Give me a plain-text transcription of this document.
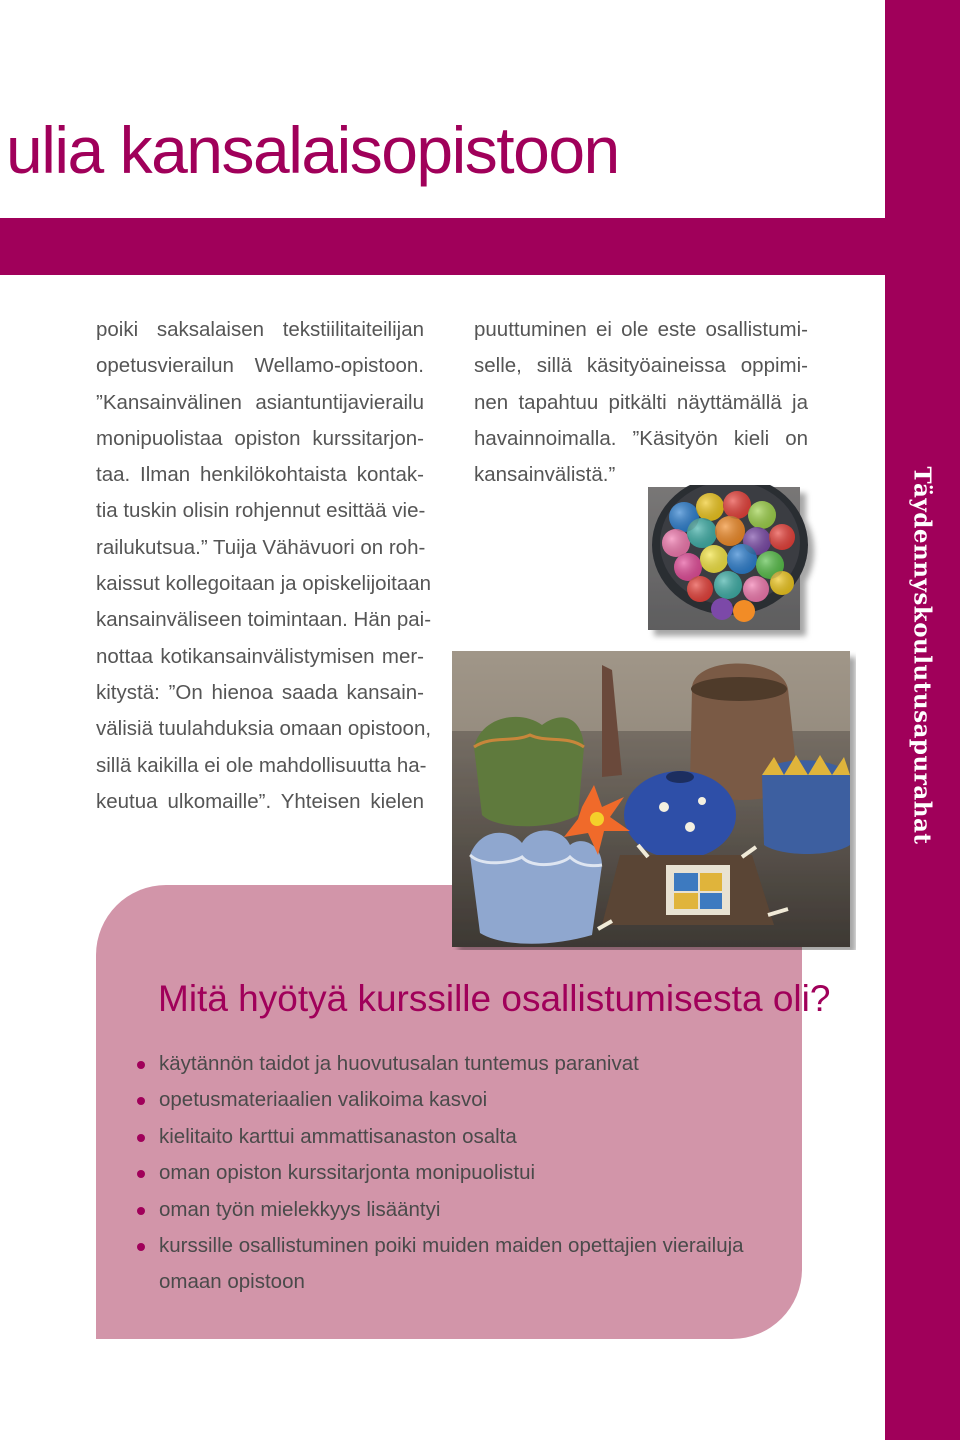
Täydennyskoulutusapurahat
ulia kansalaisopistoon
poiki saksalaisen tekstiilitaiteilijan
opetusvierailun Wellamo-opistoon.
”Kansainvälinen asiantuntijavierailu
monipuolistaa opiston kurssitarjon-
taa. Ilman henkilökohtaista kontak-
tia tuskin olisin rohjennut esittää vie-
railukutsua.” Tuija Vähävuori on roh-
kaissut kollegoitaan ja opiskelijoitaan
kansainväliseen toimintaan. Hän pai-
nottaa kotikansainvälistymisen mer-
kitystä: ”On hienoa saada kansain-
välisiä tuulahduksia omaan opistoon,
sillä kaikilla ei ole mahdollisuutta ha-
keutua ulkomaille”. Yhteisen kielen
puuttuminen ei ole este osallistumi-
selle, sillä käsityöaineissa oppimi-
nen tapahtuu pitkälti näyttämällä ja
havainnoimalla. ”Käsityön kieli on
kansainvälistä.”
Mitä hyötyä kurssille osallistumisesta oli?
käytännön taidot ja huovutusalan tuntemus paranivat
opetusmateriaalien valikoima kasvoi
kielitaito karttui ammattisanaston osalta
oman opiston kurssitarjonta monipuolistui
oman työn mielekkyys lisääntyi
kurssille osallistuminen poiki muiden maiden opettajien vierailuja omaan opistoon
